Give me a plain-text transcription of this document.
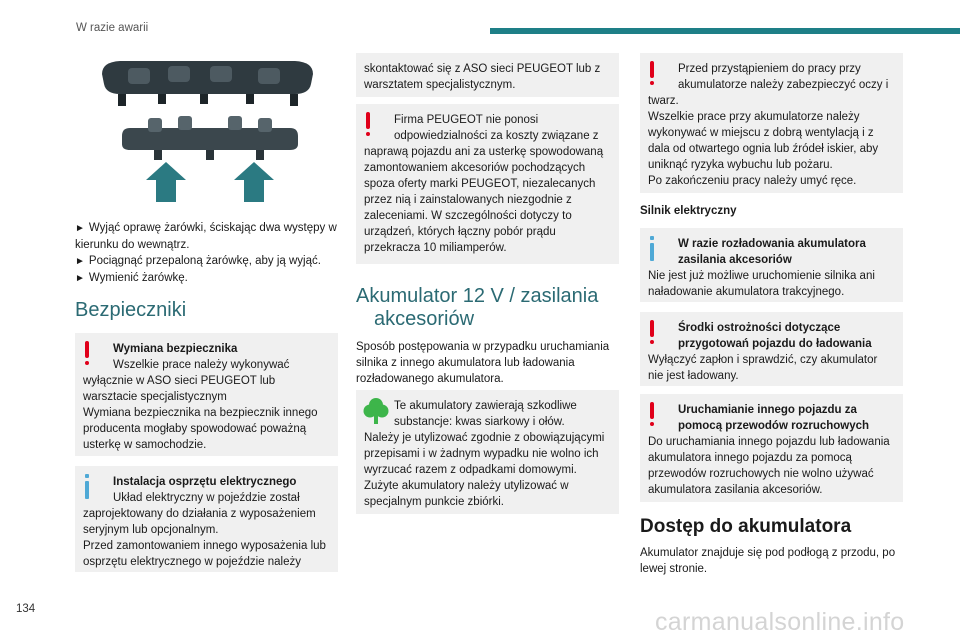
W razie awarii

► Wyjąć oprawę żarówki, ściskając dwa występy w kierunku do wewnątrz.

► Pociągnąć przepaloną żarówkę, aby ją wyjąć.

► Wymienić żarówkę.

Bezpieczniki
Wymiana bezpiecznika
Wszelkie prace należy wykonywać
wyłącznie w ASO sieci PEUGEOT lub warsztacie specjalistycznym
Wymiana bezpiecznika na bezpiecznik innego producenta mogłaby spowodować poważną usterkę w samochodzie.
Instalacja osprzętu elektrycznego
Układ elektryczny w pojeździe został
zaprojektowany do działania z wyposażeniem seryjnym lub opcjonalnym.
Przed zamontowaniem innego wyposażenia lub osprzętu elektrycznego w pojeździe należy
skontaktować się z ASO sieci PEUGEOT lub z warsztatem specjalistycznym.
Firma PEUGEOT nie ponosi
odpowiedzialności za koszty związane z
naprawą pojazdu ani za usterkę spowodowaną zamontowaniem akcesoriów pochodzących spoza oferty marki PEUGEOT, niezalecanych przez nią i zainstalowanych niezgodnie z zaleceniami. W szczególności dotyczy to urządzeń, których łączny pobór prądu przekracza 10 miliamperów.
Akumulator 12 V / zasilania
akcesoriów
Sposób postępowania w przypadku uruchamiania silnika z innego akumulatora lub ładowania rozładowanego akumulatora.
Te akumulatory zawierają szkodliwe
substancje: kwas siarkowy i ołów.
Należy je utylizować zgodnie z obowiązującymi przepisami i w żadnym wypadku nie wolno ich wyrzucać razem z odpadkami domowymi.
Zużyte akumulatory należy utylizować w specjalnym punkcie zbiórki.
Przed przystąpieniem do pracy przy
akumulatorze należy zabezpieczyć oczy i
twarz.
Wszelkie prace przy akumulatorze należy wykonywać w miejscu z dobrą wentylacją i z dala od otwartego ognia lub źródeł iskier, aby uniknąć ryzyka wybuchu lub pożaru.
Po zakończeniu pracy należy umyć ręce.
Silnik elektryczny
W razie rozładowania akumulatora zasilania akcesoriów
Nie jest już możliwe uruchomienie silnika ani naładowanie akumulatora trakcyjnego.
Środki ostrożności dotyczące przygotowań pojazdu do ładowania
Wyłączyć zapłon i sprawdzić, czy akumulator nie jest ładowany.
Uruchamianie innego pojazdu za pomocą przewodów rozruchowych
Do uruchamiania innego pojazdu lub ładowania akumulatora innego pojazdu za pomocą przewodów rozruchowych nie wolno używać akumulatora zasilania akcesoriów.
Dostęp do akumulatora
Akumulator znajduje się pod podłogą z przodu, po lewej stronie.
134	carmanualsonline.info
